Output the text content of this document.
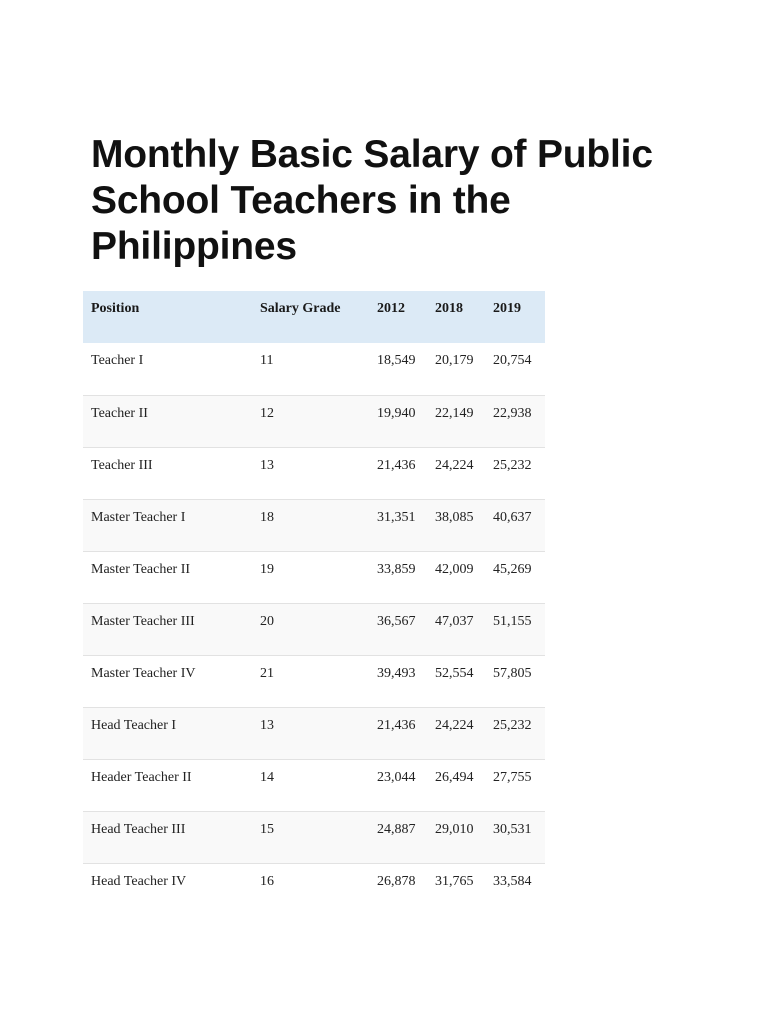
Monthly Basic Salary of Public School Teachers in the Philippines
Position	Salary Grade	2012	2018	2019
Teacher I	11	18,549	20,179	20,754
Teacher II	12	19,940	22,149	22,938
Teacher III	13	21,436	24,224	25,232
Master Teacher I	18	31,351	38,085	40,637
Master Teacher II	19	33,859	42,009	45,269
Master Teacher III	20	36,567	47,037	51,155
Master Teacher IV	21	39,493	52,554	57,805
Head Teacher I	13	21,436	24,224	25,232
Header Teacher II	14	23,044	26,494	27,755
Head Teacher III	15	24,887	29,010	30,531
Head Teacher IV	16	26,878	31,765	33,584
